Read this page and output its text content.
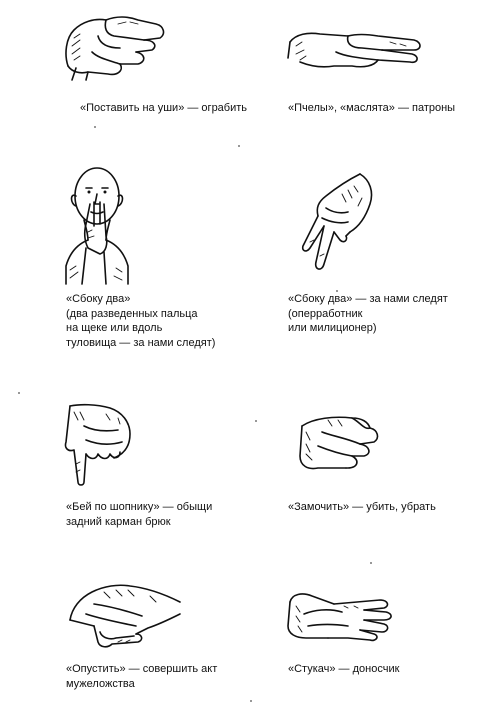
«Поставить на уши» — ограбить	«Пчелы», «маслята» — патроны
«Сбоку два»
(два разведенных пальца
на щеке или вдоль
туловища — за нами следят)
«Сбоку два» — за нами следят
(оперработник
или милиционер)
«Бей по шопнику» — обыщи
задний карман брюк
«Замочить» — убить, убрать
«Опустить» — совершить акт
мужеложства
«Стукач» — доносчик
